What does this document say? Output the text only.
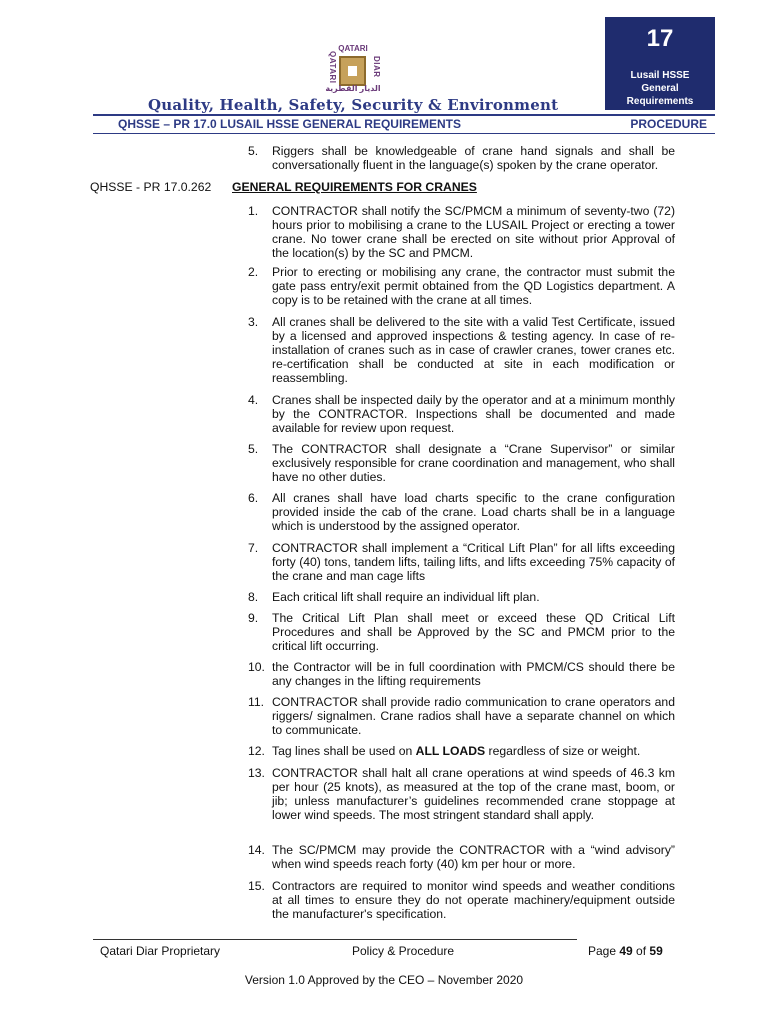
QATARI
QATARI	DIAR
الديار القطرية
17
Lusail HSSE
General
Requirements
Quality, Health, Safety, Security & Environment
QHSSE – PR 17.0 LUSAIL HSSE GENERAL REQUIREMENTS	PROCEDURE
5.	Riggers shall be knowledgeable of crane hand signals and shall be conversationally fluent in the language(s) spoken by the crane operator.
QHSSE - PR 17.0.262 GENERAL REQUIREMENTS FOR CRANES
1.	CONTRACTOR shall notify the SC/PMCM a minimum of seventy-two (72) hours prior to mobilising a crane to the LUSAIL Project or erecting a tower crane. No tower crane shall be erected on site without prior Approval of the location(s) by the SC and PMCM.
2.	Prior to erecting or mobilising any crane, the contractor must submit the gate pass entry/exit permit obtained from the QD Logistics department. A copy is to be retained with the crane at all times.
3.	All cranes shall be delivered to the site with a valid Test Certificate, issued by a licensed and approved inspections & testing agency. In case of re-installation of cranes such as in case of crawler cranes, tower cranes etc. re-certification shall be conducted at site in each modification or reassembling.
4.	Cranes shall be inspected daily by the operator and at a minimum monthly by the CONTRACTOR. Inspections shall be documented and made available for review upon request.
5.	The CONTRACTOR shall designate a “Crane Supervisor” or similar exclusively responsible for crane coordination and management, who shall have no other duties.
6.	All cranes shall have load charts specific to the crane configuration provided inside the cab of the crane. Load charts shall be in a language which is understood by the assigned operator.
7.	CONTRACTOR shall implement a “Critical Lift Plan” for all lifts exceeding forty (40) tons, tandem lifts, tailing lifts, and lifts exceeding 75% capacity of the crane and man cage lifts
8.	Each critical lift shall require an individual lift plan.
9.	The Critical Lift Plan shall meet or exceed these QD Critical Lift Procedures and shall be Approved by the SC and PMCM prior to the critical lift occurring.
10. the Contractor will be in full coordination with PMCM/CS should there be any changes in the lifting requirements
11. CONTRACTOR shall provide radio communication to crane operators and riggers/ signalmen. Crane radios shall have a separate channel on which to communicate.
12. Tag lines shall be used on ALL LOADS regardless of size or weight.
13. CONTRACTOR shall halt all crane operations at wind speeds of 46.3 km per hour (25 knots), as measured at the top of the crane mast, boom, or jib; unless manufacturer’s guidelines recommended crane stoppage at lower wind speeds. The most stringent standard shall apply.
14. The SC/PMCM may provide the CONTRACTOR with a “wind advisory” when wind speeds reach forty (40) km per hour or more.
15. Contractors are required to monitor wind speeds and weather conditions at all times to ensure they do not operate machinery/equipment outside the manufacturer's specification.
Qatari Diar Proprietary	Policy & Procedure	Page 49 of 59
Version 1.0 Approved by the CEO – November 2020
